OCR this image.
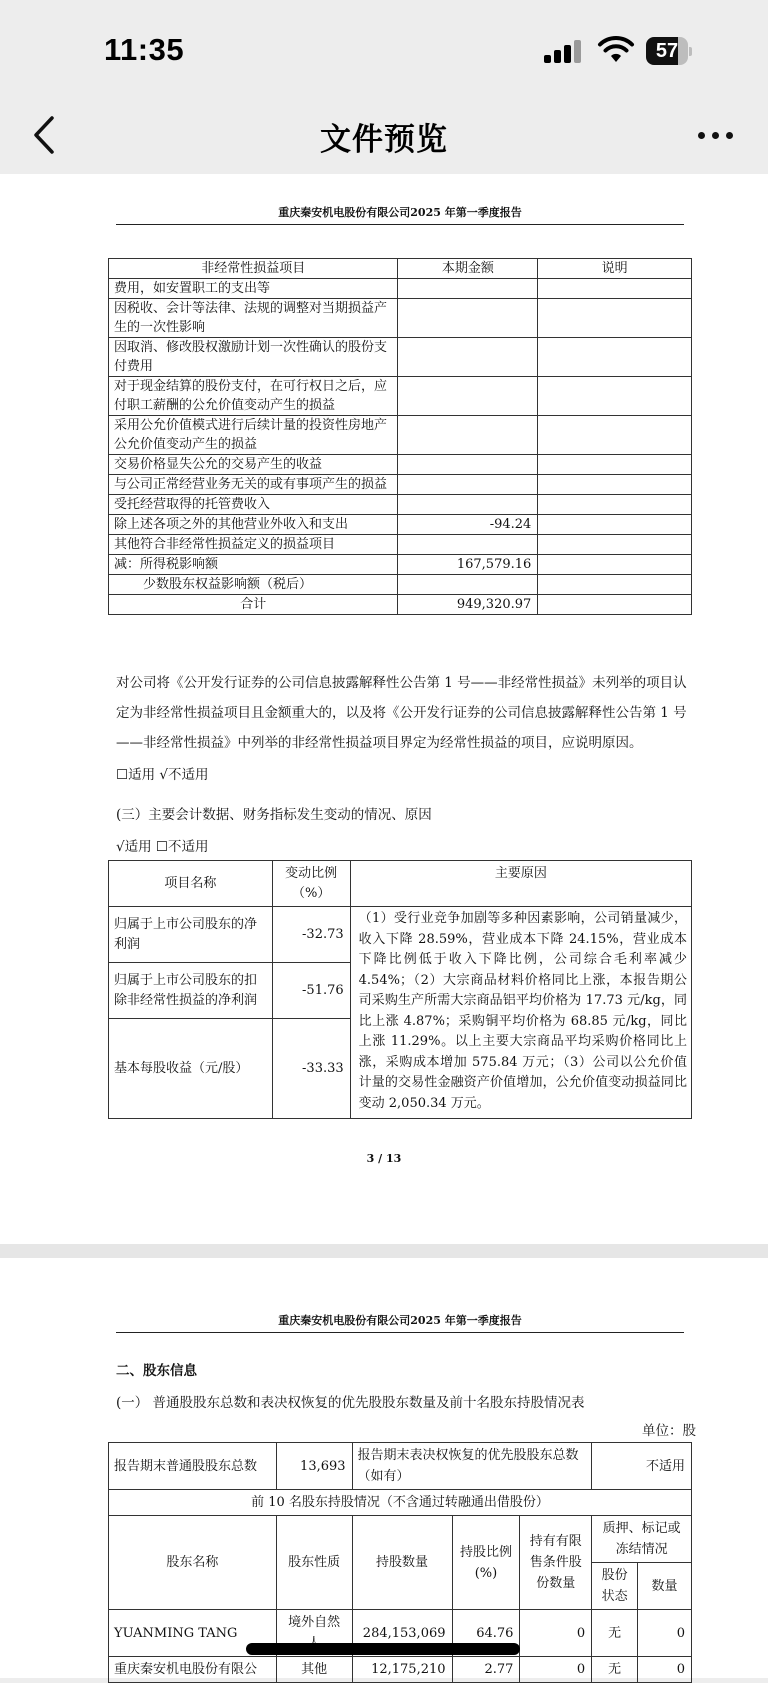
11:35	57
文件预览
重庆秦安机电股份有限公司2025 年第一季度报告
非经常性损益项目	本期金额	说明
费用，如安置职工的支出等		
因税收、会计等法律、法规的调整对当期损益产生的一次性影响		
因取消、修改股权激励计划一次性确认的股份支付费用		
对于现金结算的股份支付，在可行权日之后，应付职工薪酬的公允价值变动产生的损益		
采用公允价值模式进行后续计量的投资性房地产公允价值变动产生的损益		
交易价格显失公允的交易产生的收益		
与公司正常经营业务无关的或有事项产生的损益		
受托经营取得的托管费收入		
除上述各项之外的其他营业外收入和支出	-94.24	
其他符合非经常性损益定义的损益项目		
减：所得税影响额	167,579.16	
少数股东权益影响额（税后）		
合计	949,320.97	
对公司将《公开发行证券的公司信息披露解释性公告第 1 号——非经常性损益》未列举的项目认定为非经常性损益项目且金额重大的，以及将《公开发行证券的公司信息披露解释性公告第 1 号——非经常性损益》中列举的非经常性损益项目界定为经常性损益的项目，应说明原因。
☐适用 √不适用
(三）主要会计数据、财务指标发生变动的情况、原因
√适用 ☐不适用
项目名称	变动比例（%）	主要原因
归属于上市公司股东的净利润	-32.73	（1）受行业竞争加剧等多种因素影响，公司销量减少，收入下降 28.59%，营业成本下降 24.15%，营业成本下降比例低于收入下降比例，公司综合毛利率减少 4.54%；（2）大宗商品材料价格同比上涨，本报告期公司采购生产所需大宗商品铝平均价格为 17.73 元/kg，同比上涨 4.87%；采购铜平均价格为 68.85 元/kg，同比上涨 11.29%。以上主要大宗商品平均采购价格同比上涨，采购成本增加 575.84 万元；（3）公司以公允价值计量的交易性金融资产价值增加，公允价值变动损益同比变动 2,050.34 万元。
归属于上市公司股东的扣除非经常性损益的净利润	-51.76	
基本每股收益（元/股）	-33.33	
3 / 13
重庆秦安机电股份有限公司2025 年第一季度报告
二、股东信息
(一） 普通股股东总数和表决权恢复的优先股股东数量及前十名股东持股情况表
单位：股
报告期末普通股股东总数	13,693	报告期末表决权恢复的优先股股东总数（如有）			不适用	
前 10 名股东持股情况（不含通过转融通出借股份）						
股东名称	股东性质	持股数量	持股比例(%)	持有有限售条件股份数量	质押、标记或冻结情况	
					股份状态	数量
YUANMING TANG	境外自然	284,153,069	64.76	0	无	0
重庆秦安机电股份有限公	其他	12,175,210	2.77	0	无	0
